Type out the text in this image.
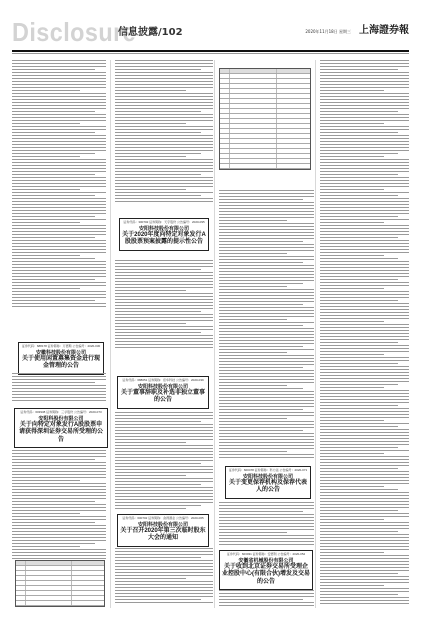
Disclosure
信息披露/102	2020年11月18日 星期三 上海證券報
证券代码：688178 证券简称：万德斯 公告编号：2020-030
安徽科技股份有限公司
关于使用闲置募集资金进行现金管理的公告
证券代码：603938 证券简称：三孚股份 公告编号：2020-073
安阳科股份有限公司
关于向特定对象发行A股股票申请获得深圳证券交易所受理的公告
证券代码：300702 证券简称：天宇股份 公告编号：2020-095
安阳科技股份有限公司
关于2020年度向特定对象发行A股股票预案披露的提示性公告
证券代码：688051 证券简称：佳华科技 公告编号：2020-039
安阳科技股份有限公司
关于董事辞职及补选非独立董事的公告
证券代码：600702 证券简称：舍得酒业 公告编号：2020-065
安阳科技股份有限公司
关于召开2020年第三次临时股东大会的通知
证券代码：600478 证券简称：科力远 公告编号：2020-071
安阳科技股份有限公司
关于变更保荐机构及保荐代表人的公告
证券代码：603031 证券简称：安德利 公告编号：2020-052
安徽省机械股份有限公司
关于收到北京证券交易所受理企业控股中心(有限合伙)增发及交易的公告
